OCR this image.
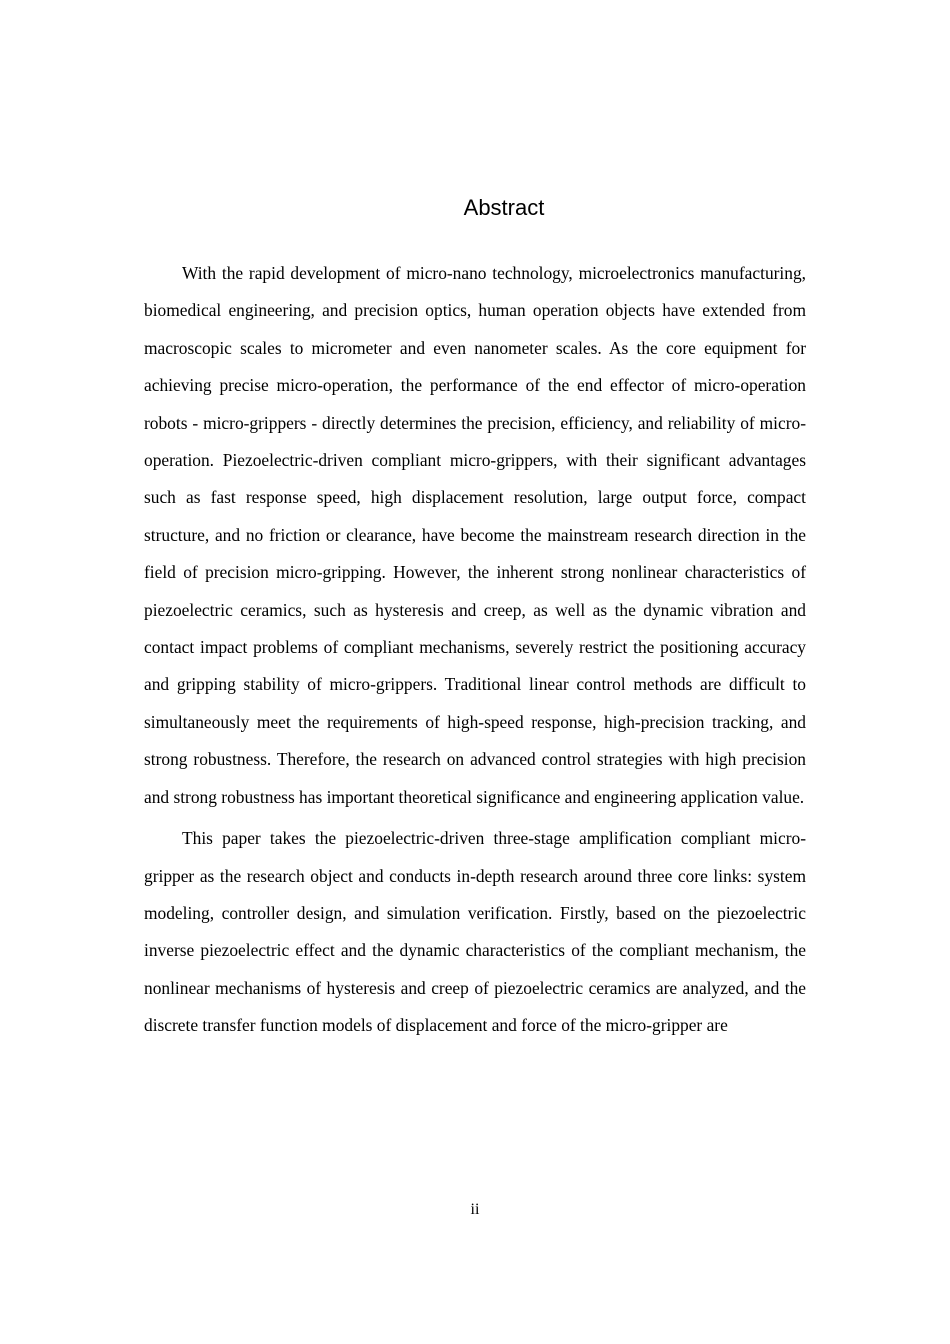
Abstract

With the rapid development of micro-nano technology, microelectronics manufacturing, biomedical engineering, and precision optics, human operation objects have extended from macroscopic scales to micrometer and even nanometer scales. As the core equipment for achieving precise micro-operation, the performance of the end effector of micro-operation robots - micro-grippers - directly determines the precision, efficiency, and reliability of micro-operation. Piezoelectric-driven compliant micro-grippers, with their significant advantages such as fast response speed, high displacement resolution, large output force, compact structure, and no friction or clearance, have become the mainstream research direction in the field of precision micro-gripping. However, the inherent strong nonlinear characteristics of piezoelectric ceramics, such as hysteresis and creep, as well as the dynamic vibration and contact impact problems of compliant mechanisms, severely restrict the positioning accuracy and gripping stability of micro-grippers. Traditional linear control methods are difficult to simultaneously meet the requirements of high-speed response, high-precision tracking, and strong robustness. Therefore, the research on advanced control strategies with high precision and strong robustness has important theoretical significance and engineering application value.

This paper takes the piezoelectric-driven three-stage amplification compliant micro-gripper as the research object and conducts in-depth research around three core links: system modeling, controller design, and simulation verification. Firstly, based on the piezoelectric inverse piezoelectric effect and the dynamic characteristics of the compliant mechanism, the nonlinear mechanisms of hysteresis and creep of piezoelectric ceramics are analyzed, and the discrete transfer function models of displacement and force of the micro-gripper are

ii
